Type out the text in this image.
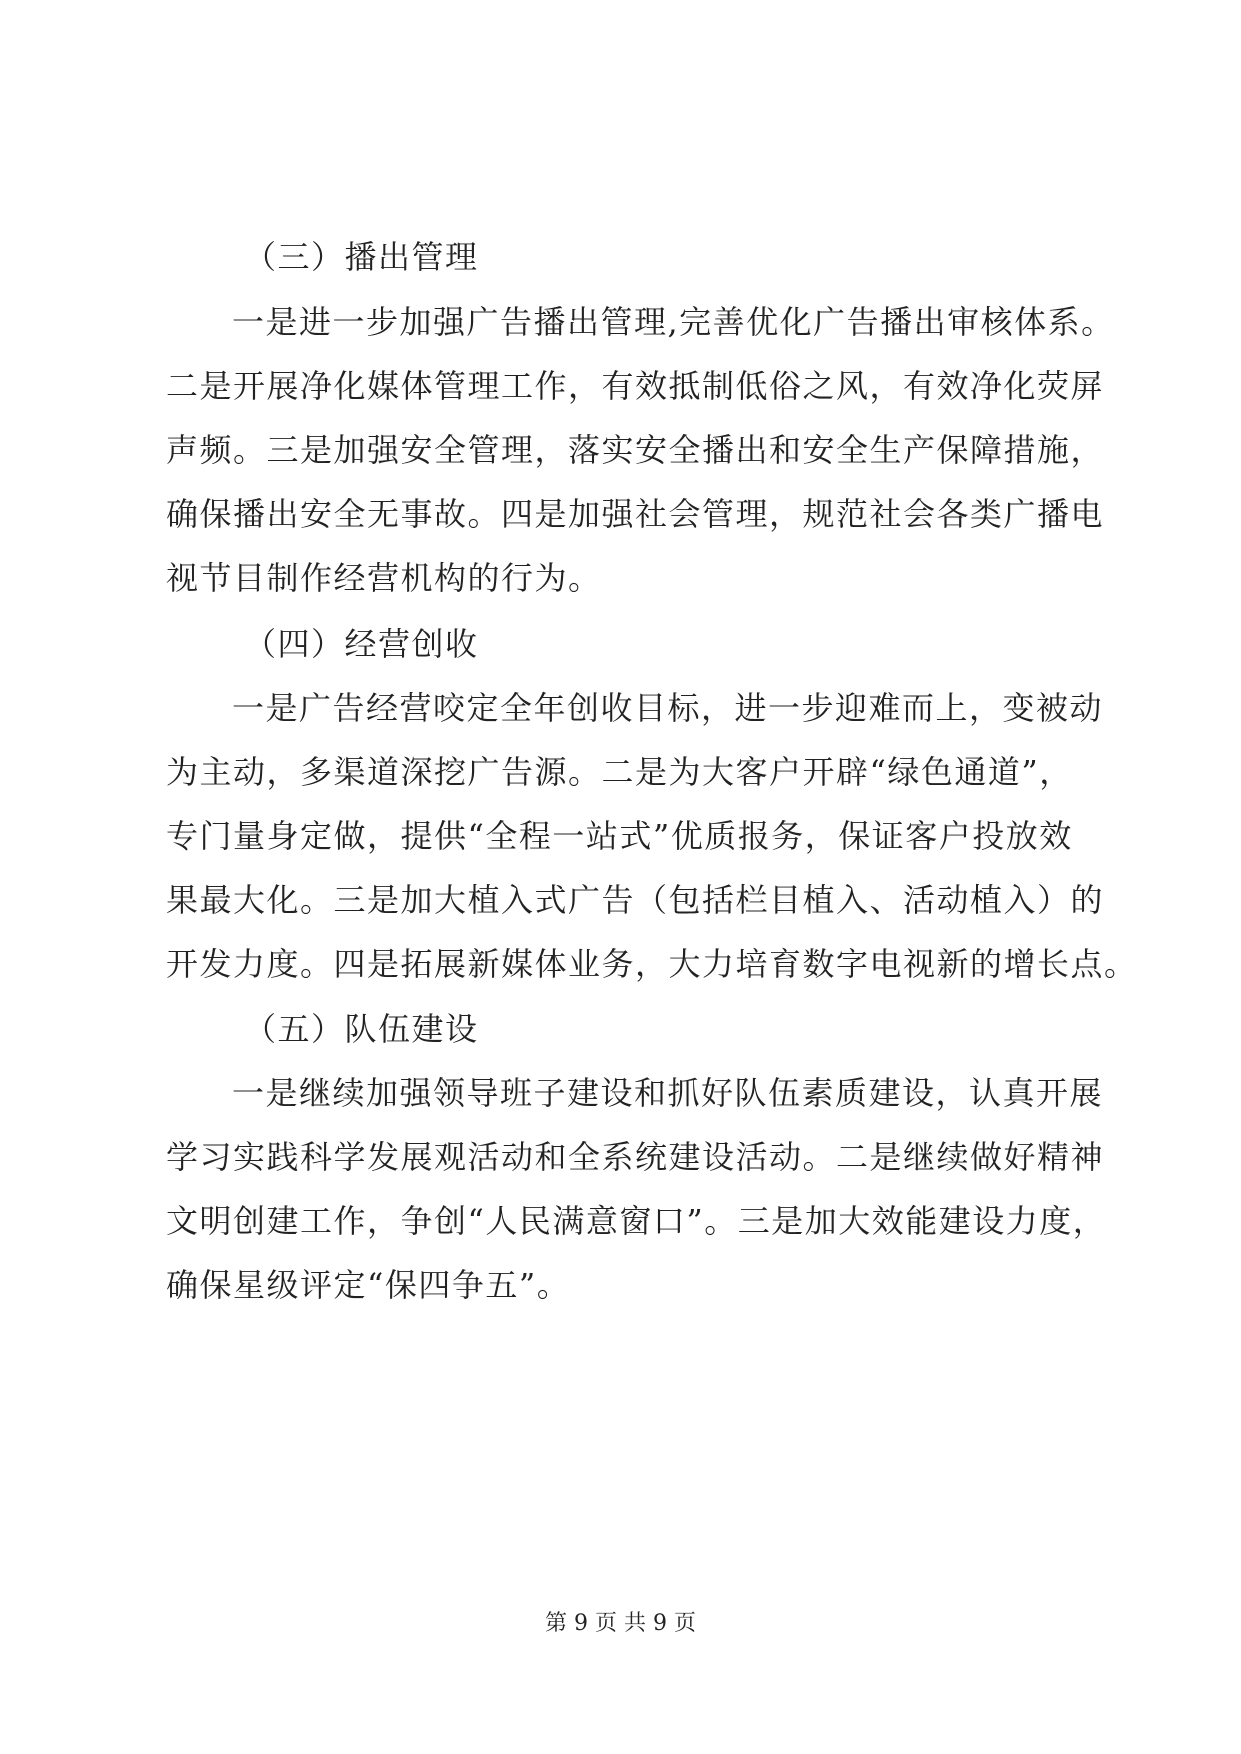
（三）播出管理
一是进一步加强广告播出管理,完善优化广告播出审核体系。
二是开展净化媒体管理工作，有效抵制低俗之风，有效净化荧屏
声频。三是加强安全管理，落实安全播出和安全生产保障措施，
确保播出安全无事故。四是加强社会管理，规范社会各类广播电
视节目制作经营机构的行为。
（四）经营创收
一是广告经营咬定全年创收目标，进一步迎难而上，变被动
为主动，多渠道深挖广告源。二是为大客户开辟“绿色通道”，
专门量身定做，提供“全程一站式”优质报务，保证客户投放效
果最大化。三是加大植入式广告（包括栏目植入、活动植入）的
开发力度。四是拓展新媒体业务，大力培育数字电视新的增长点。
（五）队伍建设
一是继续加强领导班子建设和抓好队伍素质建设，认真开展
学习实践科学发展观活动和全系统建设活动。二是继续做好精神
文明创建工作，争创“人民满意窗口”。三是加大效能建设力度，
确保星级评定“保四争五”。
第 9 页 共 9 页
